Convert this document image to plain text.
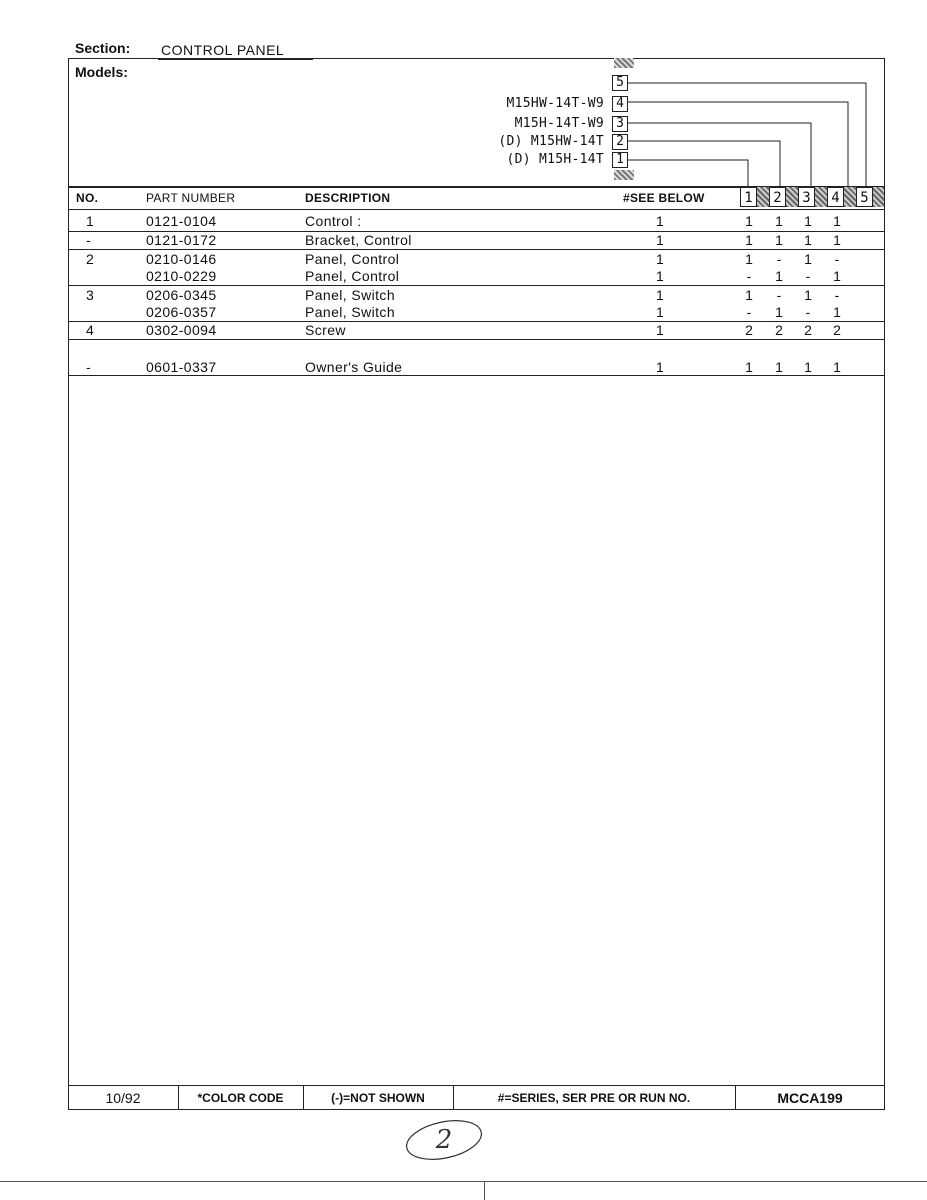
Section: CONTROL PANEL
Models:
5
4
M15HW-14T-W9
3
M15H-14T-W9
2
(D) M15HW-14T
1
(D) M15H-14T
NO.	PART NUMBER	DESCRIPTION	#SEE BELOW	1	2	3	4	5
1	0121-0104	Control :	1	1 1 1 1
-	0121-0172	Bracket, Control	1	1 1 1 1
2	0210-0146	Panel, Control	1	1	-	1	-
0210-0229	Panel, Control	1	-	1	-	1
3	0206-0345	Panel, Switch	1	1	-	1	-
0206-0357	Panel, Switch	1	-	1	-	1
4	0302-0094	Screw	1	2 2 2 2
-	0601-0337	Owner's Guide	1	1 1 1 1
10/92	*COLOR CODE	(-)=NOT SHOWN	#=SERIES, SER PRE OR RUN NO.	MCCA199
2
